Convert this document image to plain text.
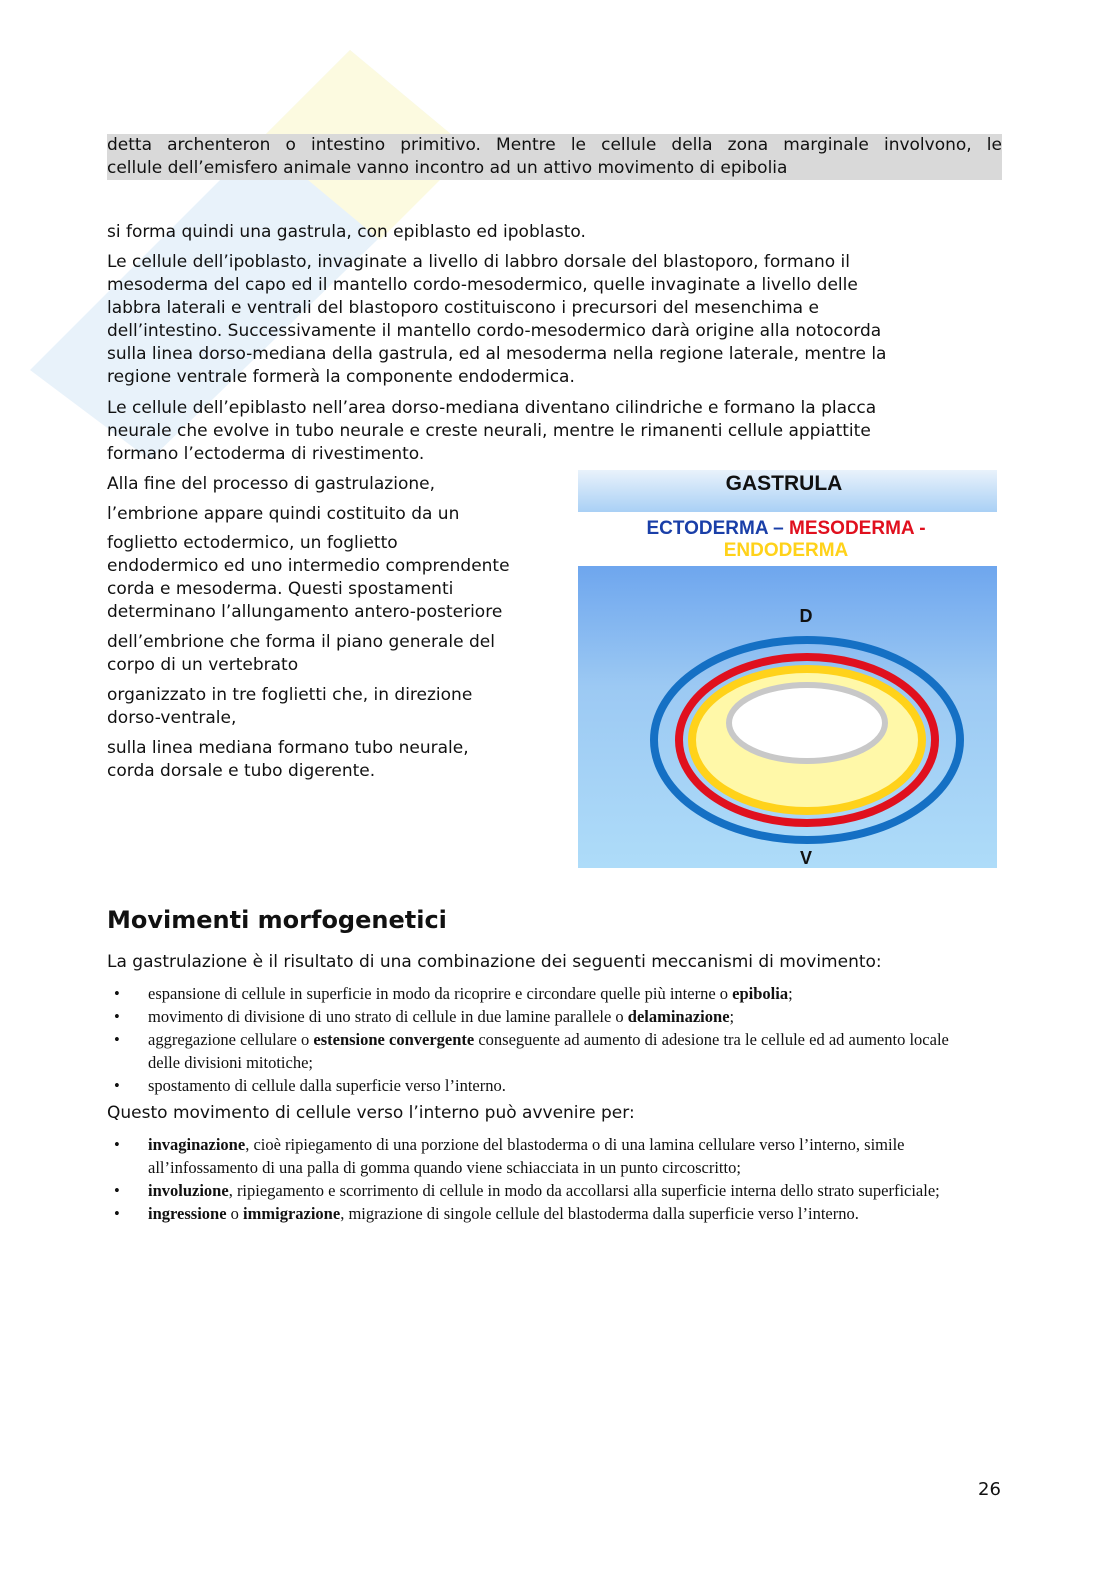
detta archenteron o intestino primitivo. Mentre le cellule della zona marginale involvono, le
cellule dell’emisfero animale vanno incontro ad un attivo movimento di epibolia
si forma quindi una gastrula, con epiblasto ed ipoblasto.
Le cellule dell’ipoblasto, invaginate a livello di labbro dorsale del blastoporo, formano il
mesoderma del capo ed il mantello cordo-mesodermico, quelle invaginate a livello delle
labbra laterali e ventrali del blastoporo costituiscono i precursori del mesenchima e
dell’intestino. Successivamente il mantello cordo-mesodermico darà origine alla notocorda
sulla linea dorso-mediana della gastrula, ed al mesoderma nella regione laterale, mentre la
regione ventrale formerà la componente endodermica.
Le cellule dell’epiblasto nell’area dorso-mediana diventano cilindriche e formano la placca
neurale che evolve in tubo neurale e creste neurali, mentre le rimanenti cellule appiattite
formano l’ectoderma di rivestimento.
Alla fine del processo di gastrulazione,
l’embrione appare quindi costituito da un
foglietto ectodermico, un foglietto
endodermico ed uno intermedio comprendente
corda e mesoderma. Questi spostamenti
determinano l’allungamento antero-posteriore
dell’embrione che forma il piano generale del
corpo di un vertebrato
organizzato in tre foglietti che, in direzione
dorso-ventrale,
sulla linea mediana formano tubo neurale,
corda dorsale e tubo digerente.
GASTRULA
ECTODERMA – MESODERMA -
ENDODERMA
D
V
Movimenti morfogenetici
La gastrulazione è il risultato di una combinazione dei seguenti meccanismi di movimento:
• espansione di cellule in superficie in modo da ricoprire e circondare quelle più interne o epibolia;
• movimento di divisione di uno strato di cellule in due lamine parallele o delaminazione;
• aggregazione cellulare o estensione convergente conseguente ad aumento di adesione tra le cellule ed ad aumento locale delle divisioni mitotiche;
• spostamento di cellule dalla superficie verso l’interno.
Questo movimento di cellule verso l’interno può avvenire per:
• invaginazione, cioè ripiegamento di una porzione del blastoderma o di una lamina cellulare verso l’interno, simile all’infossamento di una palla di gomma quando viene schiacciata in un punto circoscritto;
• involuzione, ripiegamento e scorrimento di cellule in modo da accollarsi alla superficie interna dello strato superficiale;
• ingressione o immigrazione, migrazione di singole cellule del blastoderma dalla superficie verso l’interno.
26
